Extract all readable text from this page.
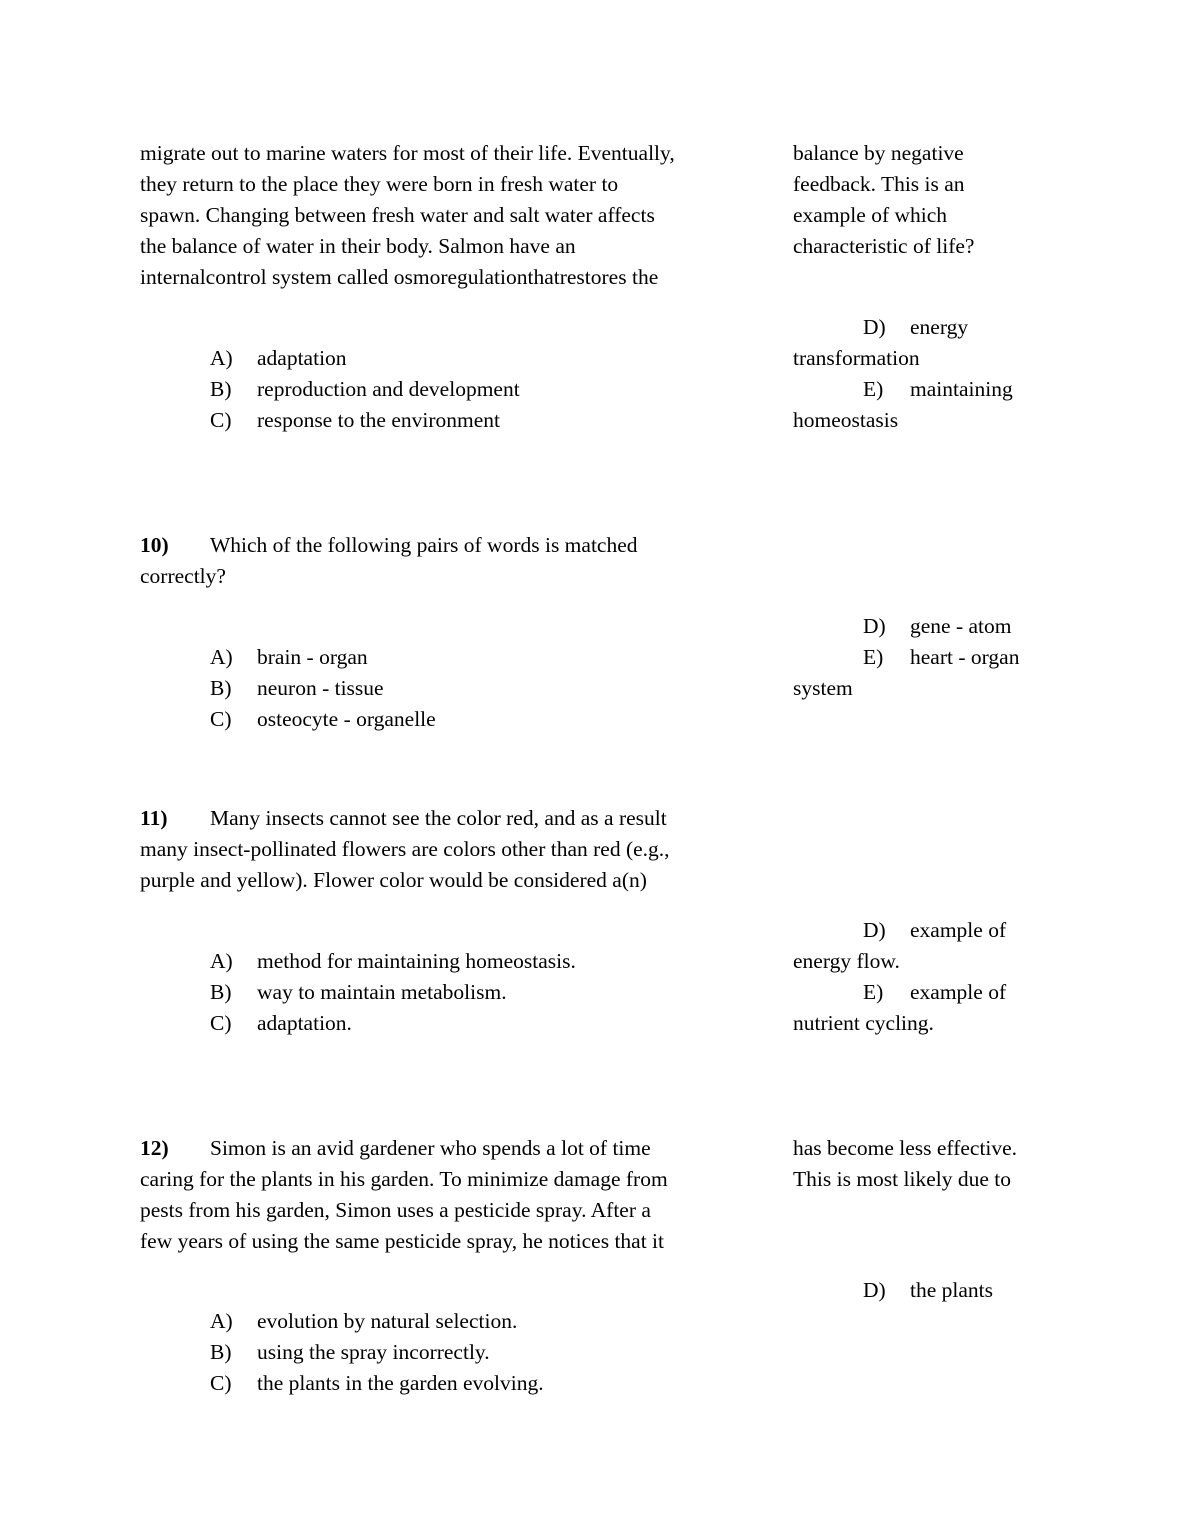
migrate out to marine waters for most of their life. Eventually,
they return to the place they were born in fresh water to
spawn. Changing between fresh water and salt water affects
the balance of water in their body. Salmon have an
internalcontrol system called osmoregulationthatrestores the
balance by negative
feedback. This is an
example of which
characteristic of life?
A) adaptation
B) reproduction and development
C) response to the environment
D) energy
transformation
E) maintaining
homeostasis
10) Which of the following pairs of words is matched
correctly?
A) brain - organ
B) neuron - tissue
C) osteocyte - organelle
D) gene - atom
E) heart - organ
system
11) Many insects cannot see the color red, and as a result
many insect-pollinated flowers are colors other than red (e.g.,
purple and yellow). Flower color would be considered a(n)
A) method for maintaining homeostasis.
B) way to maintain metabolism.
C) adaptation.
D) example of
energy flow.
E) example of
nutrient cycling.
12) Simon is an avid gardener who spends a lot of time
caring for the plants in his garden. To minimize damage from
pests from his garden, Simon uses a pesticide spray. After a
few years of using the same pesticide spray, he notices that it
has become less effective.
This is most likely due to
A) evolution by natural selection.
B) using the spray incorrectly.
C) the plants in the garden evolving.
D) the plants
